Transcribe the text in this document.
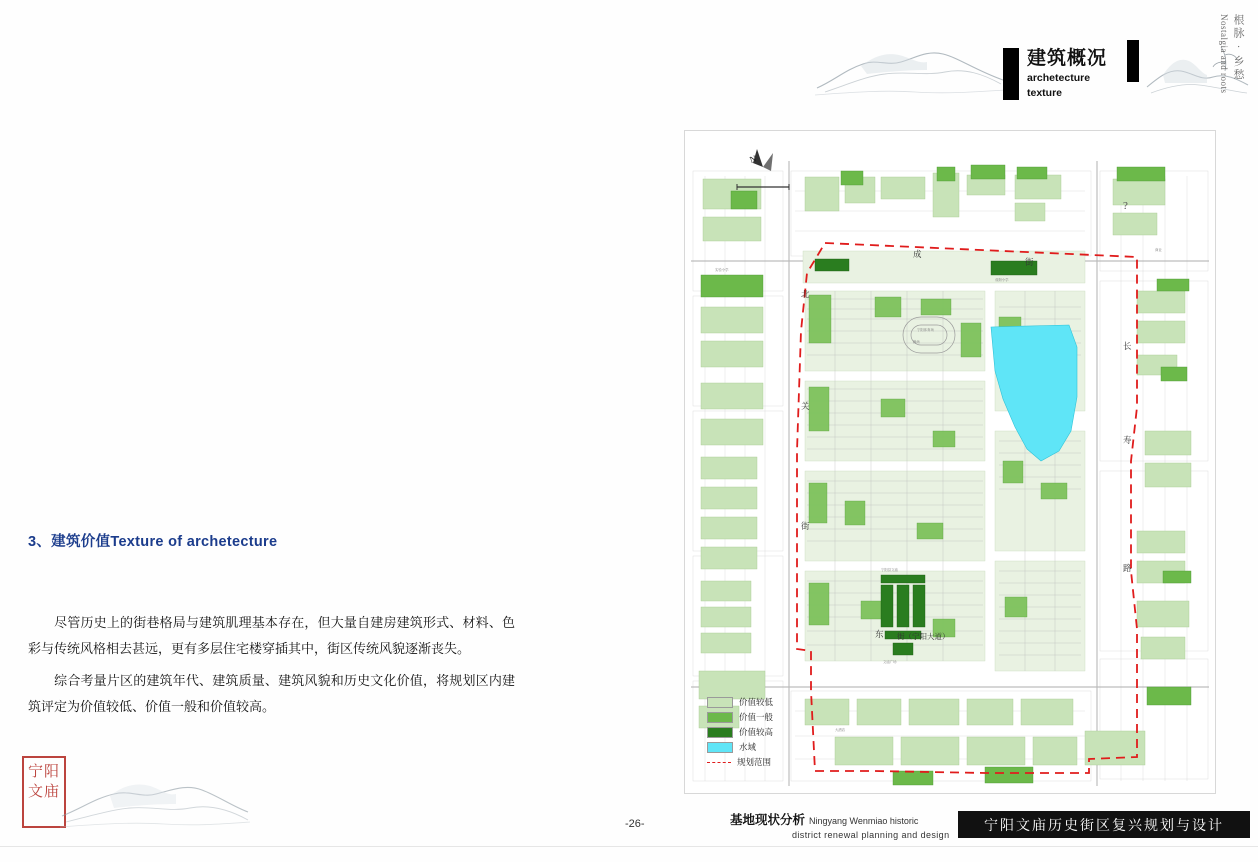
建筑概况
archetecture
texture
根脉 · 乡愁 Nostalgia and roots
3、建筑价值Texture of archetecture
尽管历史上的街巷格局与建筑肌理基本存在，但大量自建房建筑形式、材料、色彩与传统风格相去甚远，更有多层住宅楼穿插其中，街区传统风貌逐渐丧失。
综合考量片区的建筑年代、建筑质量、建筑风貌和历史文化价值，将规划区内建筑评定为价值较低、价值一般和价值较高。
宁阳
文庙
成
街
北
关
街
长
寿
路
东 街（宁阳大道）
宁阳体育场
操场
宁阳县文庙
文庙广场
成街小学
实验小学
商业
大酒店
?
N
价值较低
价值一般
价值较高
水域
规划范围
-26-	基地现状分析 Ningyang Wenmiao historic
district renewal planning and design
宁阳文庙历史街区复兴规划与设计
